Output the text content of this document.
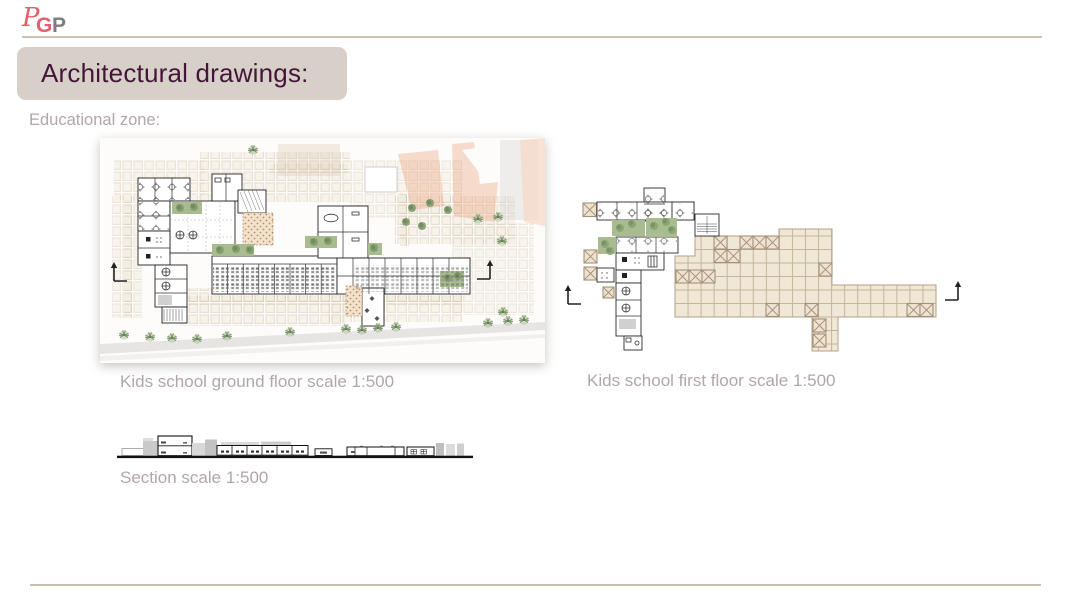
P
G P
Architectural drawings:
Educational zone:
Kids school ground floor scale 1:500	Kids school first floor scale 1:500
Section scale 1:500
